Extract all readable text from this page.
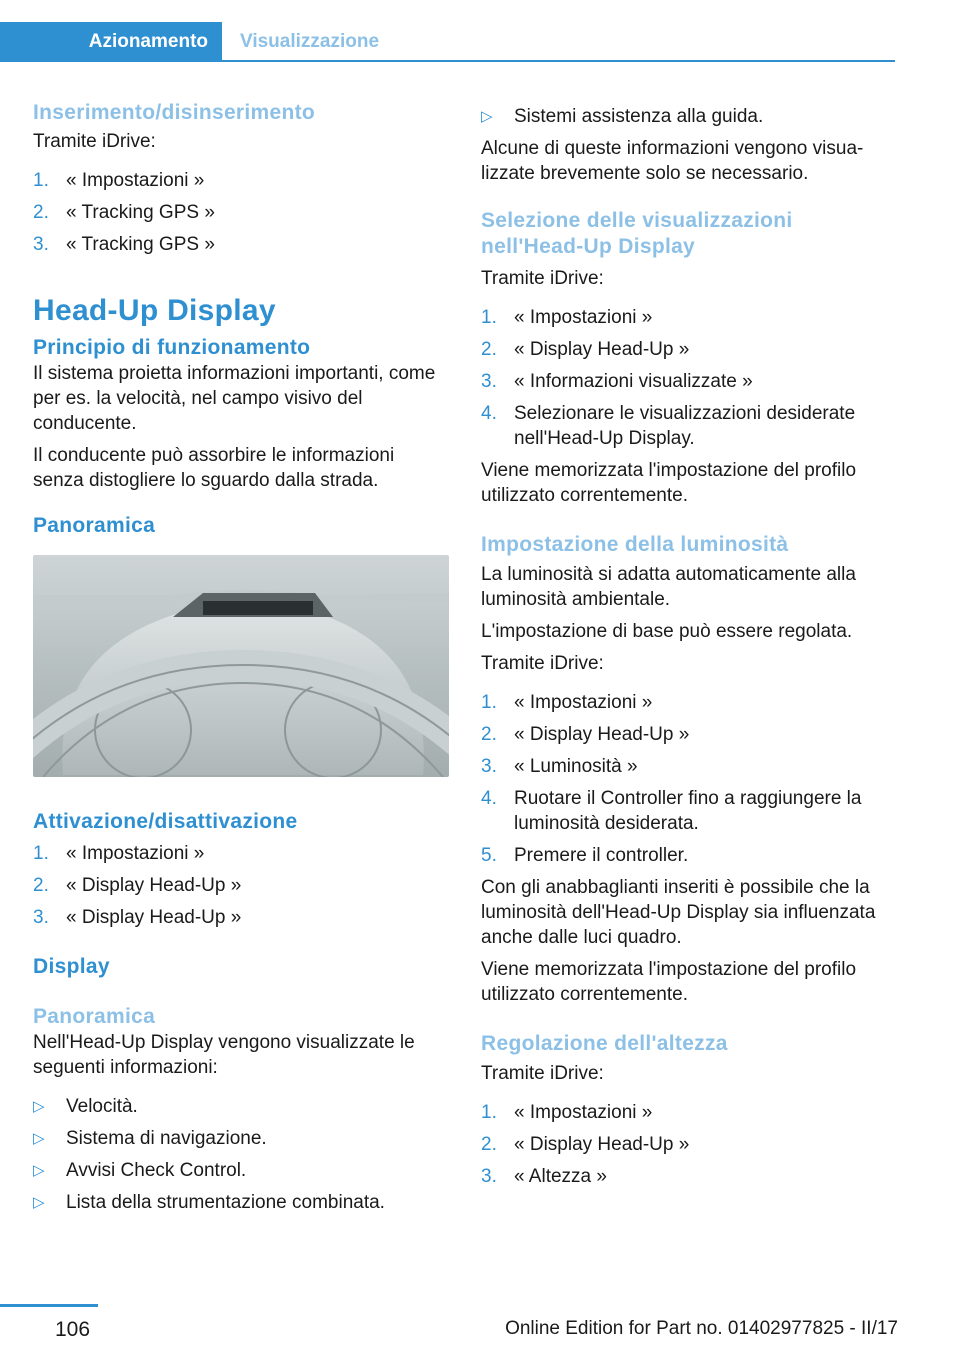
Azionamento	Visualizzazione
Inserimento/disinserimento

Tramite iDrive:

1. « Impostazioni »
2. « Tracking GPS »
3. « Tracking GPS »
Head-Up Display
Principio di funzionamento

Il sistema proietta informazioni importanti, come per es. la velocità, nel campo visivo del conducente.

Il conducente può assorbire le informazioni senza distogliere lo sguardo dalla strada.

Panoramica
Attivazione/disattivazione
1. « Impostazioni »
2. « Display Head-Up »
3. « Display Head-Up »
Display
Panoramica

Nell'Head-Up Display vengono visualizzate le seguenti informazioni:

▷ Velocità.
▷ Sistema di navigazione.
▷ Avvisi Check Control.
▷ Lista della strumentazione combinata.
▷ Sistemi assistenza alla guida.

Alcune di queste informazioni vengono visualizzate brevemente solo se necessario.

Selezione delle visualizzazioni nell'Head-Up Display

Tramite iDrive:

1. « Impostazioni »
2. « Display Head-Up »
3. « Informazioni visualizzate »
4. Selezionare le visualizzazioni desiderate nell'Head-Up Display.

Viene memorizzata l'impostazione del profilo utilizzato correntemente.

Impostazione della luminosità

La luminosità si adatta automaticamente alla luminosità ambientale.

L'impostazione di base può essere regolata.

Tramite iDrive:

1. « Impostazioni »
2. « Display Head-Up »
3. « Luminosità »
4. Ruotare il Controller fino a raggiungere la luminosità desiderata.
5. Premere il controller.

Con gli anabbaglianti inseriti è possibile che la luminosità dell'Head-Up Display sia influenzata anche dalle luci quadro.

Viene memorizzata l'impostazione del profilo utilizzato correntemente.

Regolazione dell'altezza

Tramite iDrive:

1. « Impostazioni »
2. « Display Head-Up »
3. « Altezza »
106	Online Edition for Part no. 01402977825 - II/17
